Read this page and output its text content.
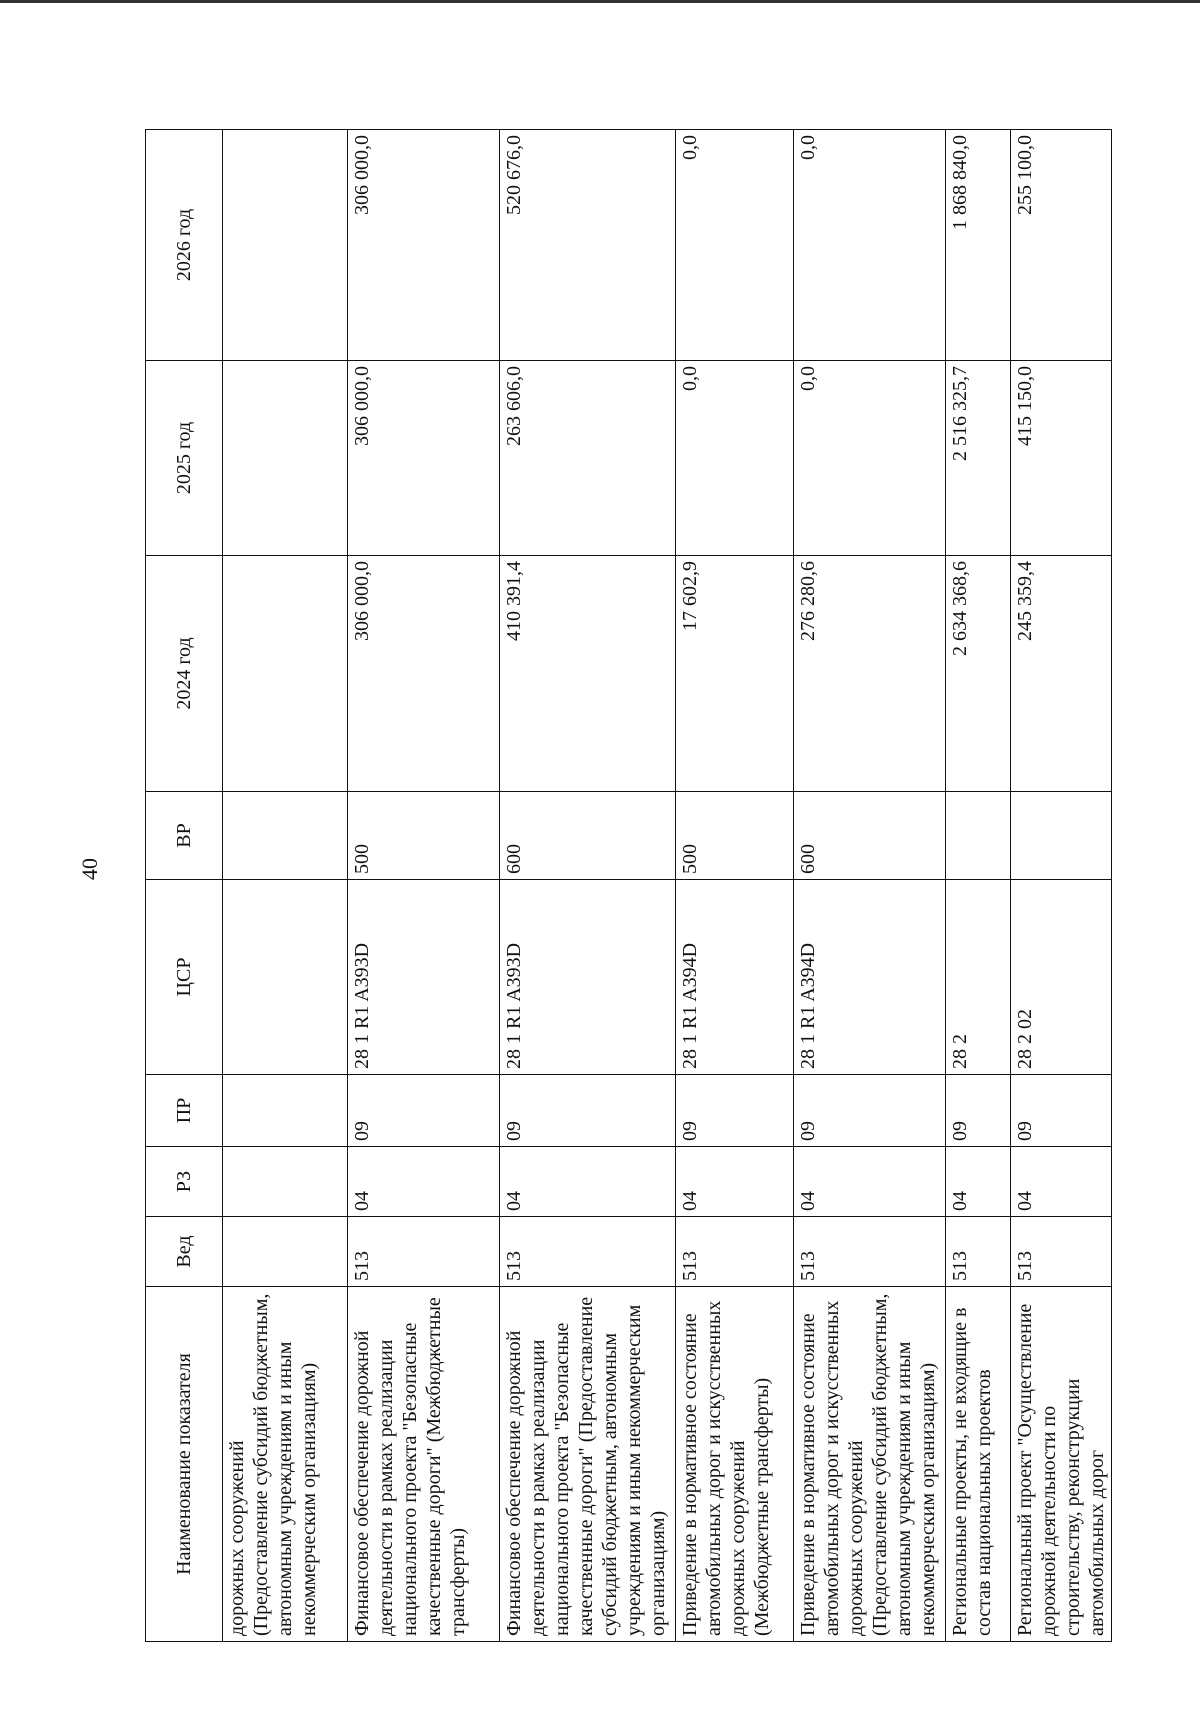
40
Наименование показателя	Вед	РЗ	ПР	ЦСР	ВР	2024 год	2025 год	2026 год
дорожных сооружений (Предоставление субсидий бюджетным, автономным учреждениям и иным некоммерческим организациям)								
Финансовое обеспечение дорожной деятельности в рамках реализации национального проекта "Безопасные качественные дороги" (Межбюджетные трансферты)	513	04	09	28 1 R1 A393D	500	306 000,0	306 000,0	306 000,0
Финансовое обеспечение дорожной деятельности в рамках реализации национального проекта "Безопасные качественные дороги" (Предоставление субсидий бюджетным, автономным учреждениям и иным некоммерческим организациям)	513	04	09	28 1 R1 A393D	600	410 391,4	263 606,0	520 676,0
Приведение в нормативное состояние автомобильных дорог и искусственных дорожных сооружений (Межбюджетные трансферты)	513	04	09	28 1 R1 A394D	500	17 602,9	0,0	0,0
Приведение в нормативное состояние автомобильных дорог и искусственных дорожных сооружений (Предоставление субсидий бюджетным, автономным учреждениям и иным некоммерческим организациям)	513	04	09	28 1 R1 A394D	600	276 280,6	0,0	0,0
Региональные проекты, не входящие в состав национальных проектов	513	04	09	28 2		2 634 368,6	2 516 325,7	1 868 840,0
Региональный проект "Осуществление дорожной деятельности по строительству, реконструкции автомобильных дорог	513	04	09	28 2 02		245 359,4	415 150,0	255 100,0
